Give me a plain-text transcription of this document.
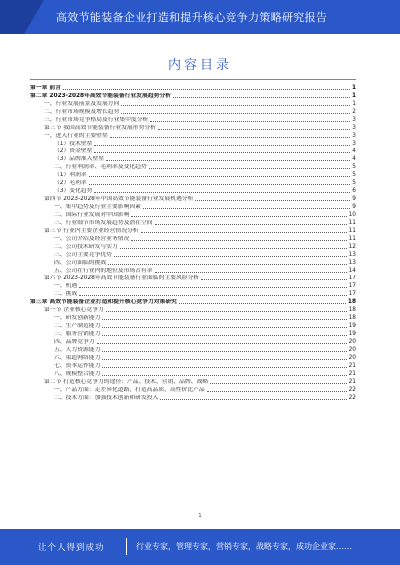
高效节能装备企业打造和提升核心竞争力策略研究报告
内容目录
第一章 前言	1
第二章 2023-2028年高效节能装备行业发展趋势分析	1
一、行业发展前景及发展方向	1
二、行业市场规模及增长趋势	2
三、行业市场竞争格局及行业集中度分析	3
第三节 我国高效节能装备行业发展形势分析	3
一、进入行业的主要壁垒	3
（1）技术壁垒	3
（2）资金壁垒	4
（3）品牌准入壁垒	4
二、行业利润率、毛利率及变化趋势	5
（1）利润率	5
（2）毛利率	5
（3）变化趋势	6
第四节 2023-2028年中国高效节能装备行业发展机遇分析	9
一、集中趋势及行业主要影响因素	9
二、国际行业发展对中国影响	10
三、行业细节市场发展趋势及潜在空间	11
第三节 行业内主要企业经营情况分析	11
一、公司介绍及经营业务情况	11
二、公司技术研发与实力	12
三、公司主要竞争优势	13
四、公司面临的挑战	13
五、公司在行业内的地位及市场占有率	14
第六节 2023-2028年高效节能装备行业面临的主要风险分析	17
一、机遇	17
二、挑战	17
第三章 高效节能装备企业打造和提升核心竞争力对策研究	18
第一节 企业核心竞争力	18
一、研发创新能力	18
二、生产制造能力	19
三、服务营销能力	19
四、品牌竞争力	20
五、人力资源能力	20
六、渠道网络能力	20
七、资本运作能力	21
八、规模整合能力	21
第二节 打造核心竞争力的途径：产品、技术、营销、品牌、战略	21
一、产品方面：走差异化道路，打造高品质、高性价比产品	22
二、技术方面：加强技术创新和研发投入	22
1
让个人得到成功	行业专家，管理专家，营销专家，战略专家，成功企业家……
